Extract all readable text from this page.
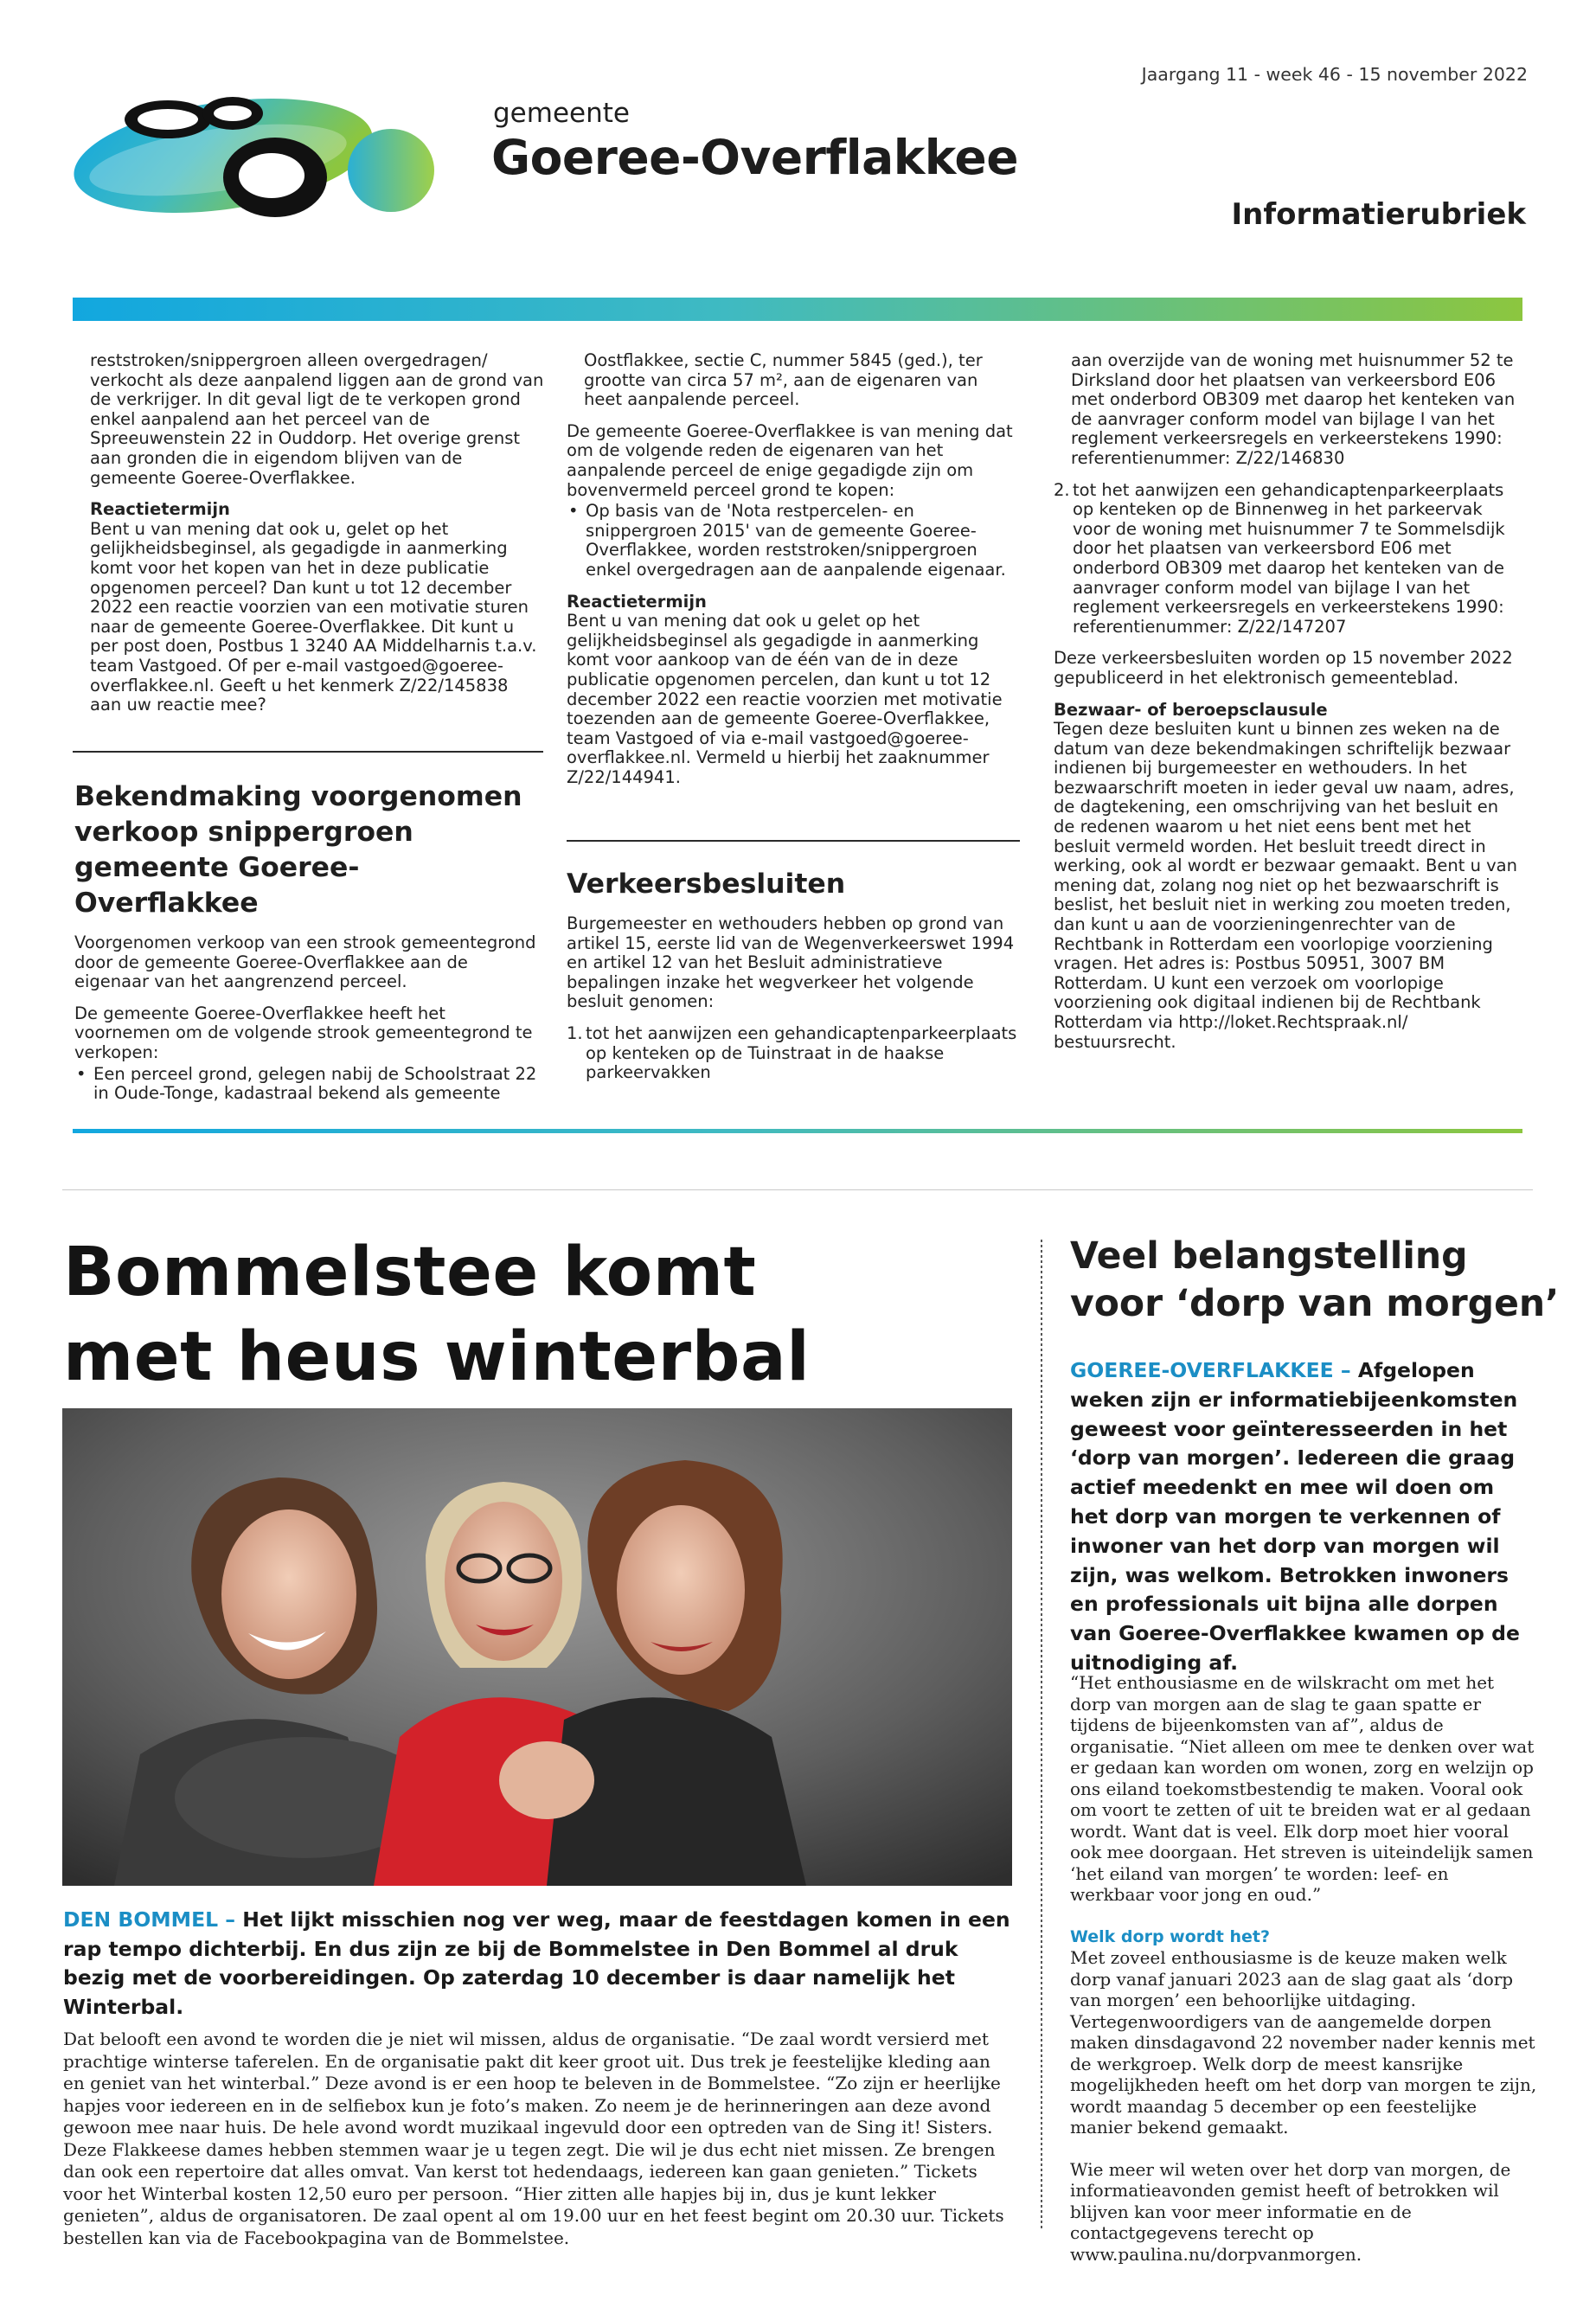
Jaargang 11 - week 46 - 15 november 2022
gemeente
Goeree-Overflakkee
Informatierubriek

reststroken/snippergroen alleen overgedragen/ verkocht als deze aanpalend liggen aan de grond van de verkrijger. In dit geval ligt de te verkopen grond enkel aanpalend aan het perceel van de Spreeuwenstein 22 in Ouddorp. Het overige grenst aan gronden die in eigendom blijven van de gemeente Goeree-Overflakkee.

Reactietermijn

Bent u van mening dat ook u, gelet op het gelijkheidsbeginsel, als gegadigde in aanmerking komt voor het kopen van het in deze publicatie opgenomen perceel? Dan kunt u tot 12 december 2022 een reactie voorzien van een motivatie sturen naar de gemeente Goeree-Overflakkee. Dit kunt u per post doen, Postbus 1 3240 AA Middelharnis t.a.v. team Vastgoed. Of per e-mail vastgoed@goeree-overflakkee.nl. Geeft u het kenmerk Z/22/145838 aan uw reactie mee?

Bekendmaking voorgenomen verkoop snippergroen gemeente Goeree-Overflakkee

Voorgenomen verkoop van een strook gemeentegrond door de gemeente Goeree-Overflakkee aan de eigenaar van het aangrenzend perceel.

De gemeente Goeree-Overflakkee heeft het voornemen om de volgende strook gemeentegrond te verkopen:

• Een perceel grond, gelegen nabij de Schoolstraat 22 in Oude-Tonge, kadastraal bekend als gemeente

Oostflakkee, sectie C, nummer 5845 (ged.), ter grootte van circa 57 m², aan de eigenaren van heet aanpalende perceel.

De gemeente Goeree-Overflakkee is van mening dat om de volgende reden de eigenaren van het aanpalende perceel de enige gegadigde zijn om bovenvermeld perceel grond te kopen:

• Op basis van de 'Nota restpercelen- en snippergroen 2015' van de gemeente Goeree-Overflakkee, worden reststroken/snippergroen enkel overgedragen aan de aanpalende eigenaar.

Reactietermijn

Bent u van mening dat ook u gelet op het gelijkheidsbeginsel als gegadigde in aanmerking komt voor aankoop van de één van de in deze publicatie opgenomen percelen, dan kunt u tot 12 december 2022 een reactie voorzien met motivatie toezenden aan de gemeente Goeree-Overflakkee, team Vastgoed of via e-mail vastgoed@goeree-overflakkee.nl. Vermeld u hierbij het zaaknummer Z/22/144941.

Verkeersbesluiten

Burgemeester en wethouders hebben op grond van artikel 15, eerste lid van de Wegenverkeerswet 1994 en artikel 12 van het Besluit administratieve bepalingen inzake het wegverkeer het volgende besluit genomen:

1. tot het aanwijzen een gehandicaptenparkeerplaats op kenteken op de Tuinstraat in de haakse parkeervakken

aan overzijde van de woning met huisnummer 52 te Dirksland door het plaatsen van verkeersbord E06 met onderbord OB309 met daarop het kenteken van de aanvrager conform model van bijlage I van het reglement verkeersregels en verkeerstekens 1990: referentienummer: Z/22/146830

2. tot het aanwijzen een gehandicaptenparkeerplaats op kenteken op de Binnenweg in het parkeervak voor de woning met huisnummer 7 te Sommelsdijk door het plaatsen van verkeersbord E06 met onderbord OB309 met daarop het kenteken van de aanvrager conform model van bijlage I van het reglement verkeersregels en verkeerstekens 1990: referentienummer: Z/22/147207

Deze verkeersbesluiten worden op 15 november 2022 gepubliceerd in het elektronisch gemeenteblad.

Bezwaar- of beroepsclausule

Tegen deze besluiten kunt u binnen zes weken na de datum van deze bekendmakingen schriftelijk bezwaar indienen bij burgemeester en wethouders. In het bezwaarschrift moeten in ieder geval uw naam, adres, de dagtekening, een omschrijving van het besluit en de redenen waarom u het niet eens bent met het besluit vermeld worden. Het besluit treedt direct in werking, ook al wordt er bezwaar gemaakt. Bent u van mening dat, zolang nog niet op het bezwaarschrift is beslist, het besluit niet in werking zou moeten treden, dan kunt u aan de voorzieningenrechter van de Rechtbank in Rotterdam een voorlopige voorziening vragen. Het adres is: Postbus 50951, 3007 BM Rotterdam. U kunt een verzoek om voorlopige voorziening ook digitaal indienen bij de Rechtbank Rotterdam via http://loket.Rechtspraak.nl/ bestuursrecht.

Bommelstee komt
met heus winterbal
DEN BOMMEL – Het lijkt misschien nog ver weg, maar de feestdagen komen in een rap tempo dichterbij. En dus zijn ze bij de Bommelstee in Den Bommel al druk bezig met de voorbereidingen. Op zaterdag 10 december is daar namelijk het Winterbal.
Dat belooft een avond te worden die je niet wil missen, aldus de organisatie. “De zaal wordt versierd met prachtige winterse taferelen. En de organisatie pakt dit keer groot uit. Dus trek je feestelijke kleding aan en geniet van het winterbal.” Deze avond is er een hoop te beleven in de Bommelstee. “Zo zijn er heerlijke hapjes voor iedereen en in de selfiebox kun je foto’s maken. Zo neem je de herinneringen aan deze avond gewoon mee naar huis. De hele avond wordt muzikaal ingevuld door een optreden van de Sing it! Sisters. Deze Flakkeese dames hebben stemmen waar je u tegen zegt. Die wil je dus echt niet missen. Ze brengen dan ook een repertoire dat alles omvat. Van kerst tot hedendaags, iedereen kan gaan genieten.” Tickets voor het Winterbal kosten 12,50 euro per persoon. “Hier zitten alle hapjes bij in, dus je kunt lekker genieten”, aldus de organisatoren. De zaal opent al om 19.00 uur en het feest begint om 20.30 uur. Tickets bestellen kan via de Facebookpagina van de Bommelstee.
Veel belangstelling
voor ‘dorp van morgen’
GOEREE-OVERFLAKKEE – Afgelopen weken zijn er informatiebijeenkomsten geweest voor geïnteresseerden in het ‘dorp van morgen’. Iedereen die graag actief meedenkt en mee wil doen om het dorp van morgen te verkennen of inwoner van het dorp van morgen wil zijn, was welkom. Betrokken inwoners en professionals uit bijna alle dorpen van Goeree-Overflakkee kwamen op de uitnodiging af.

“Het enthousiasme en de wilskracht om met het dorp van morgen aan de slag te gaan spatte er tijdens de bijeenkomsten van af”, aldus de organisatie. “Niet alleen om mee te denken over wat er gedaan kan worden om wonen, zorg en welzijn op ons eiland toekomstbestendig te maken. Vooral ook om voort te zetten of uit te breiden wat er al gedaan wordt. Want dat is veel. Elk dorp moet hier vooral ook mee doorgaan. Het streven is uiteindelijk samen ‘het eiland van morgen’ te worden: leef- en werkbaar voor jong en oud.”

Welk dorp wordt het?

Met zoveel enthousiasme is de keuze maken welk dorp vanaf januari 2023 aan de slag gaat als ‘dorp van morgen’ een behoorlijke uitdaging. Vertegenwoordigers van de aangemelde dorpen maken dinsdagavond 22 november nader kennis met de werkgroep. Welk dorp de meest kansrijke mogelijkheden heeft om het dorp van morgen te zijn, wordt maandag 5 december op een feestelijke manier bekend gemaakt.

Wie meer wil weten over het dorp van morgen, de informatieavonden gemist heeft of betrokken wil blijven kan voor meer informatie en de contactgegevens terecht op www.paulina.nu/dorpvanmorgen.
